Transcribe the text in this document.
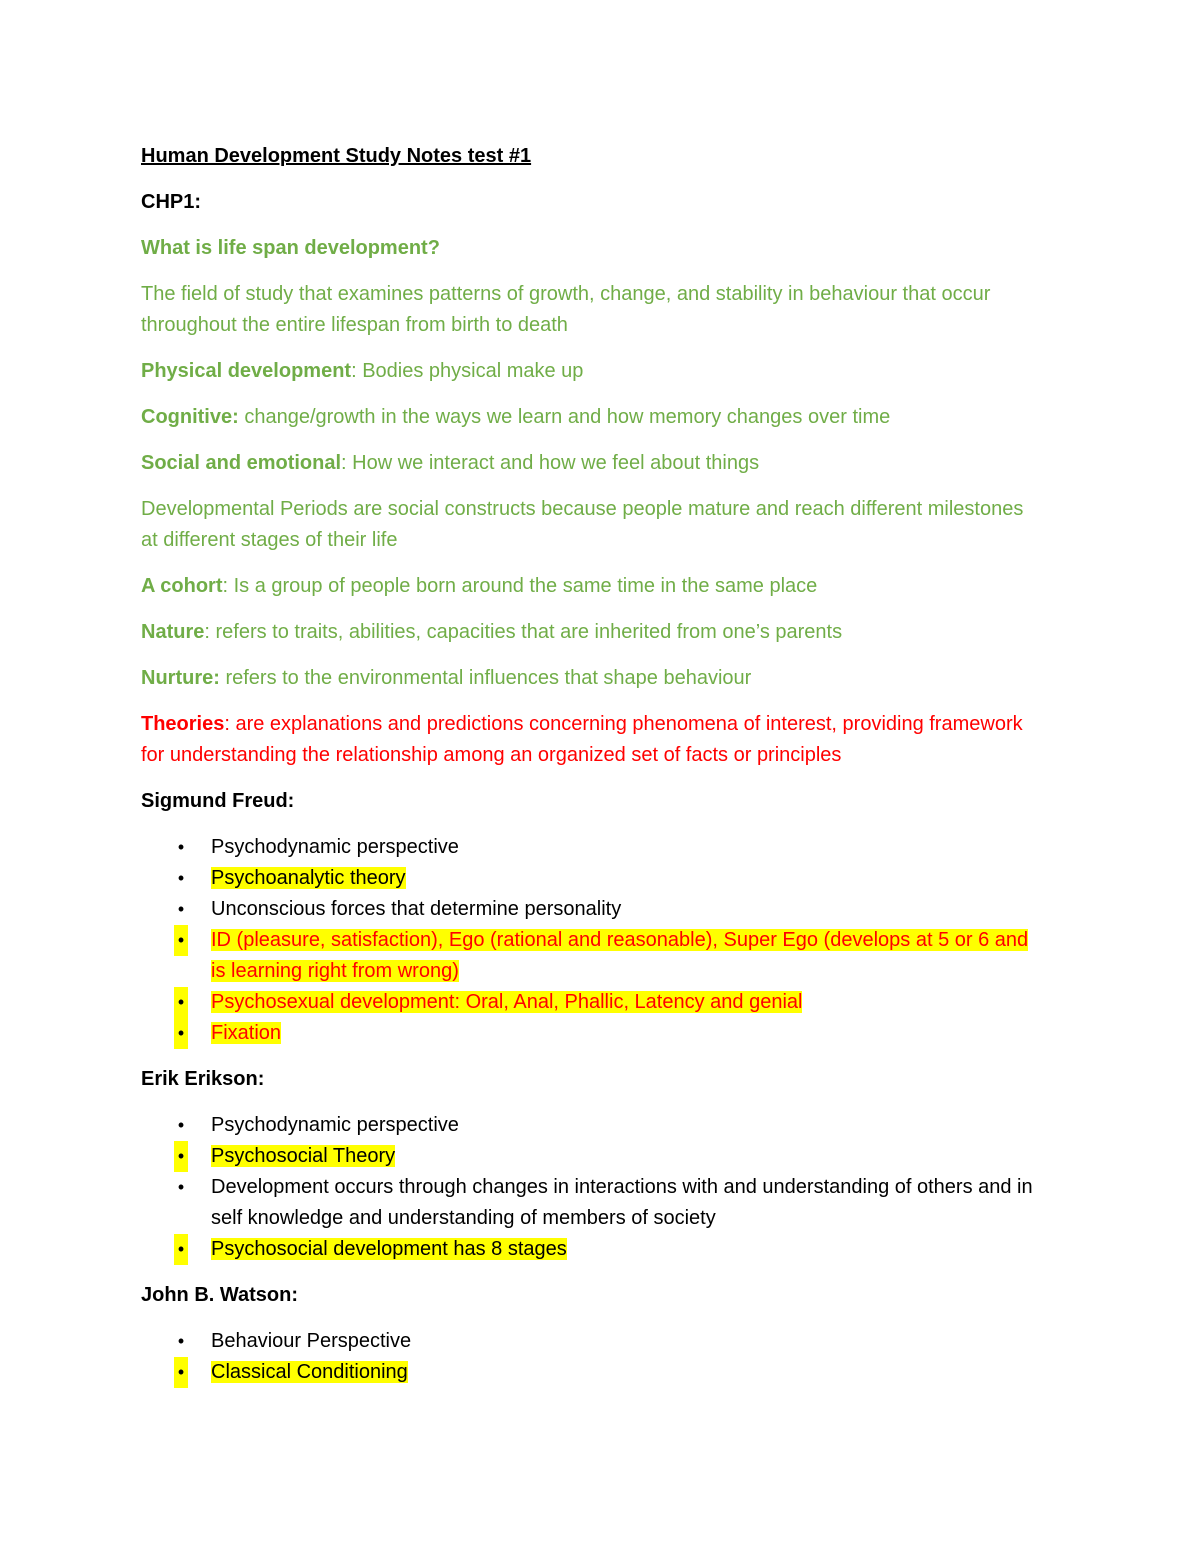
Human Development Study Notes test #1

CHP1:

What is life span development?

The field of study that examines patterns of growth, change, and stability in behaviour that occur throughout the entire lifespan from birth to death

Physical development: Bodies physical make up

Cognitive: change/growth in the ways we learn and how memory changes over time

Social and emotional: How we interact and how we feel about things

Developmental Periods are social constructs because people mature and reach different milestones at different stages of their life

A cohort: Is a group of people born around the same time in the same place

Nature: refers to traits, abilities, capacities that are inherited from one’s parents

Nurture: refers to the environmental influences that shape behaviour

Theories: are explanations and predictions concerning phenomena of interest, providing framework for understanding the relationship among an organized set of facts or principles

Sigmund Freud:

• Psychodynamic perspective
• Psychoanalytic theory
• Unconscious forces that determine personality
• ID (pleasure, satisfaction), Ego (rational and reasonable), Super Ego (develops at 5 or 6 and is learning right from wrong)
• Psychosexual development: Oral, Anal, Phallic, Latency and genial
• Fixation

Erik Erikson:

• Psychodynamic perspective
• Psychosocial Theory
• Development occurs through changes in interactions with and understanding of others and in self knowledge and understanding of members of society
• Psychosocial development has 8 stages

John B. Watson:

• Behaviour Perspective
• Classical Conditioning
